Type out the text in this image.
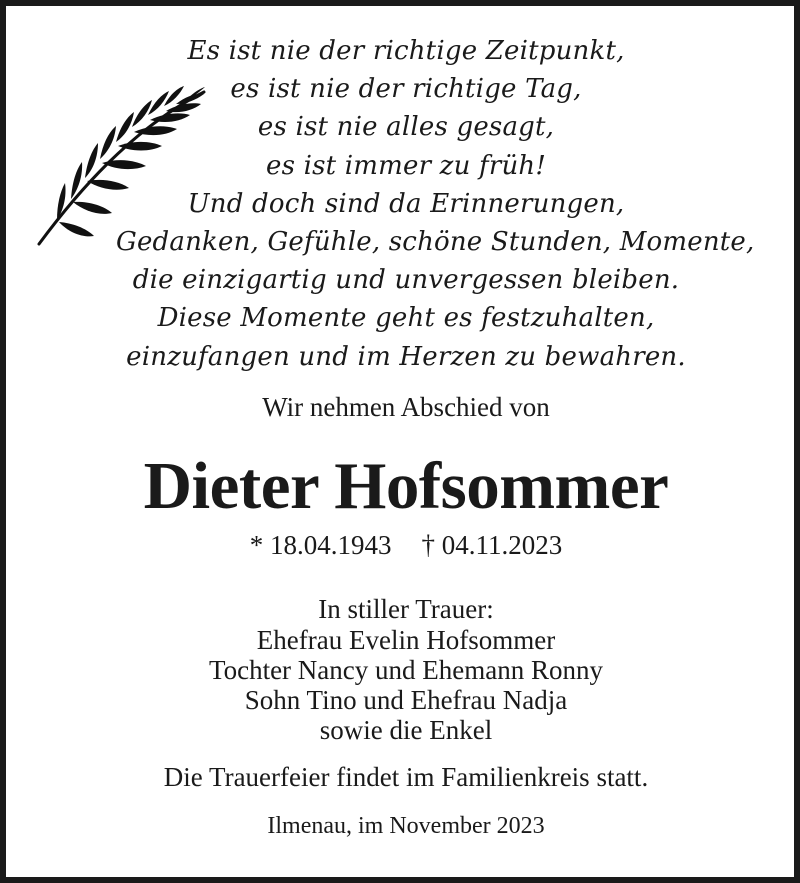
Es ist nie der richtige Zeitpunkt,
es ist nie der richtige Tag,
es ist nie alles gesagt,
es ist immer zu früh!
Und doch sind da Erinnerungen,
Gedanken, Gefühle, schöne Stunden, Momente,
die einzigartig und unvergessen bleiben.
Diese Momente geht es festzuhalten,
einzufangen und im Herzen zu bewahren.
Wir nehmen Abschied von
Dieter Hofsommer
* 18.04.1943 † 04.11.2023
In stiller Trauer:
Ehefrau Evelin Hofsommer
Tochter Nancy und Ehemann Ronny
Sohn Tino und Ehefrau Nadja
sowie die Enkel
Die Trauerfeier findet im Familienkreis statt.
Ilmenau, im November 2023
